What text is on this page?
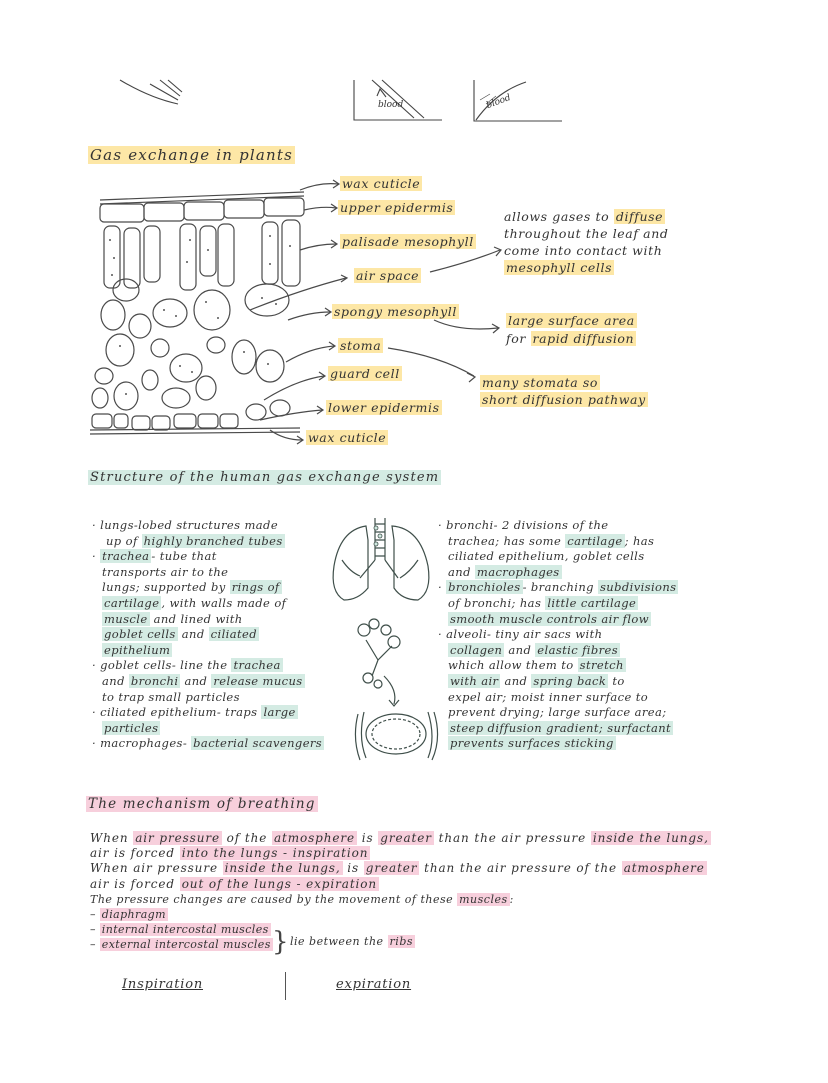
blood	blood
Gas exchange in plants
wax cuticle
upper epidermis
palisade mesophyll
air space
spongy mesophyll
stoma
guard cell
lower epidermis
wax cuticle
allows gases to diffuse
throughout the leaf and
come into contact with
mesophyll cells
large surface area
for rapid diffusion
many stomata so
short diffusion pathway
Structure of the human gas exchange system
· lungs-lobed structures made
up of highly branched tubes
· trachea - tube that
transports air to the
lungs; supported by rings of
cartilage , with walls made of
muscle and lined with
goblet cells and ciliated
epithelium
· goblet cells- line the trachea
and bronchi and release mucus
to trap small particles
· ciliated epithelium- traps large
particles
· macrophages- bacterial scavengers
· bronchi- 2 divisions of the
trachea; has some cartilage ; has
ciliated epithelium, goblet cells
and macrophages
· bronchioles - branching subdivisions
of bronchi; has little cartilage
smooth muscle controls air flow
· alveoli- tiny air sacs with
collagen and elastic fibres
which allow them to stretch
with air and spring back to
expel air; moist inner surface to
prevent drying; large surface area;
steep diffusion gradient; surfactant
prevents surfaces sticking
The mechanism of breathing
When air pressure of the atmosphere is greater than the air pressure inside the lungs,
air is forced into the lungs - inspiration
When air pressure inside the lungs, is greater than the air pressure of the atmosphere
air is forced out of the lungs - expiration
The pressure changes are caused by the movement of these muscles :
– diaphragm
– internal intercostal muscles
– external intercostal muscles } lie between the ribs
Inspiration	expiration
